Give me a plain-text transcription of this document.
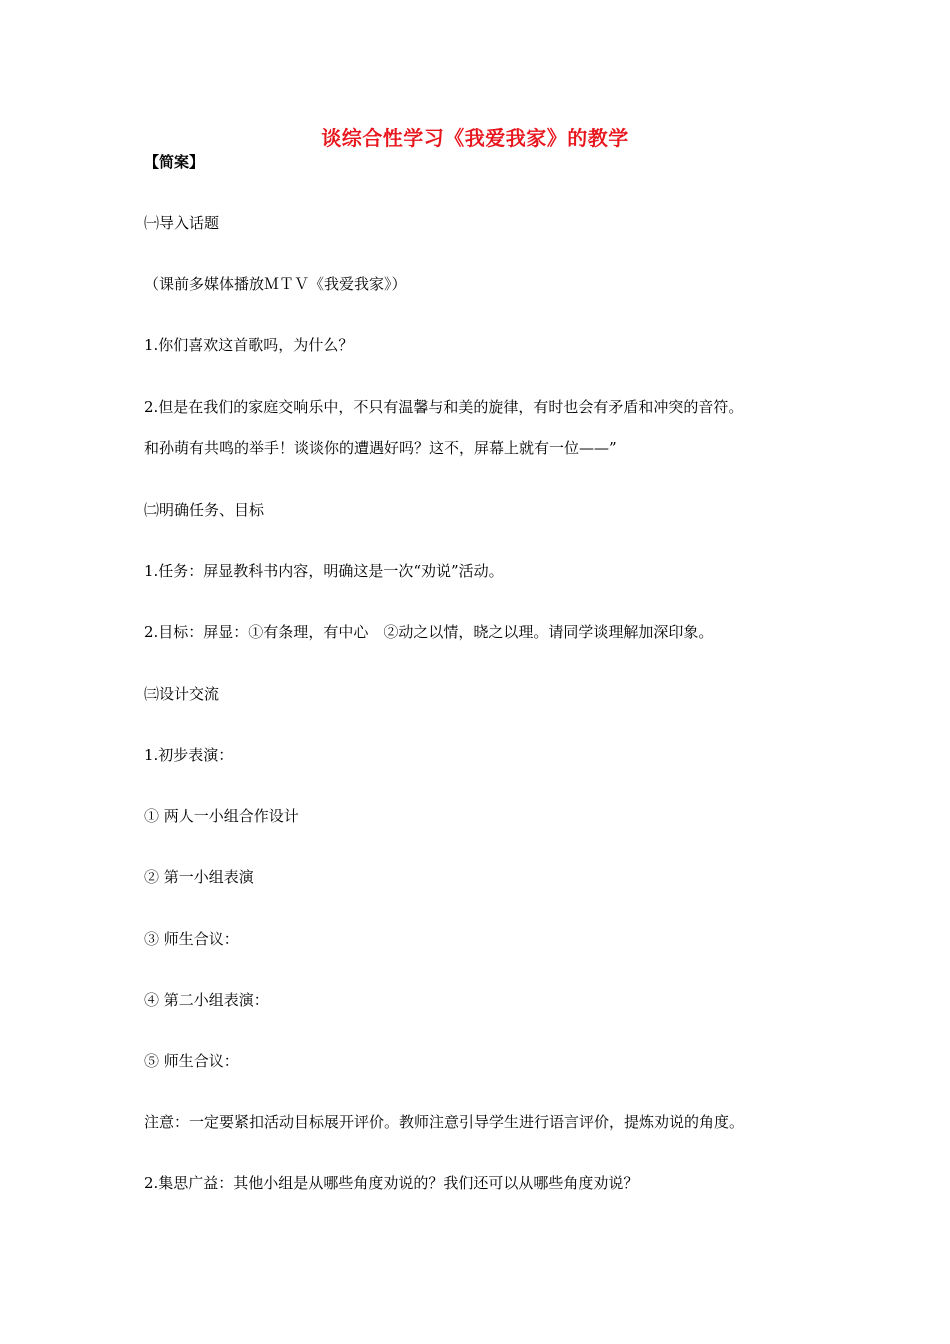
谈综合性学习《我爱我家》的教学
【简案】
㈠导入话题
（课前多媒体播放ＭＴＶ《我爱我家》）
1.你们喜欢这首歌吗，为什么？
2.但是在我们的家庭交响乐中，不只有温馨与和美的旋律，有时也会有矛盾和冲突的音符。
和孙萌有共鸣的举手！谈谈你的遭遇好吗？这不，屏幕上就有一位——”
㈡明确任务、目标
1.任务：屏显教科书内容，明确这是一次“劝说”活动。
2.目标：屏显：①有条理，有中心　②动之以情，晓之以理。请同学谈理解加深印象。
㈢设计交流
1.初步表演：
① 两人一小组合作设计
② 第一小组表演
③ 师生合议：
④ 第二小组表演：
⑤ 师生合议：
注意：一定要紧扣活动目标展开评价。教师注意引导学生进行语言评价，提炼劝说的角度。
2.集思广益：其他小组是从哪些角度劝说的？我们还可以从哪些角度劝说？
